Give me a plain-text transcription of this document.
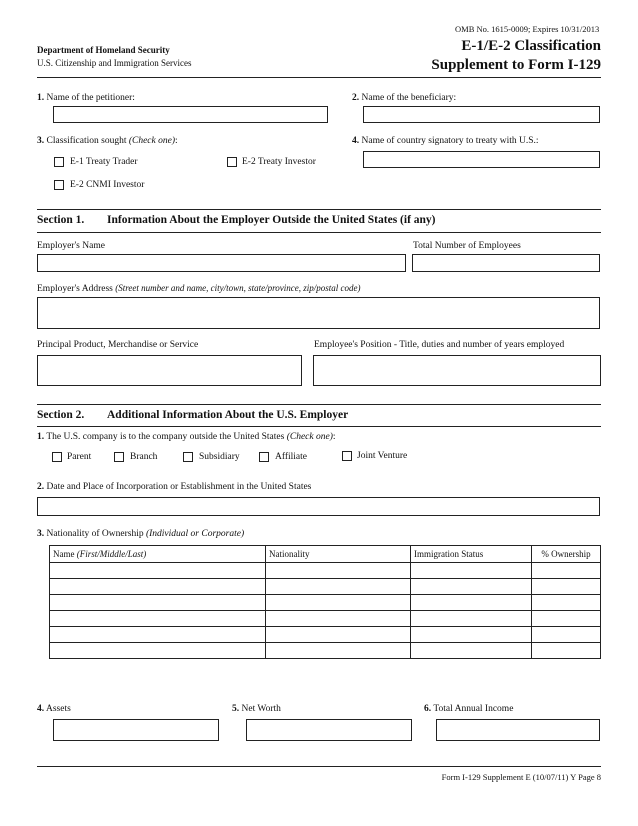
OMB No. 1615-0009; Expires 10/31/2013
Department of Homeland Security
U.S. Citizenship and Immigration Services
E-1/E-2 Classification
Supplement to Form I-129
1. Name of the petitioner:	2. Name of the beneficiary:
3. Classification sought (Check one):	4. Name of country signatory to treaty with U.S.:
E-1 Treaty Trader	E-2 Treaty Investor
E-2 CNMI Investor
Section 1. Information About the Employer Outside the United States (if any)
Employer's Name	Total Number of Employees
Employer's Address (Street number and name, city/town, state/province, zip/postal code)
Principal Product, Merchandise or Service	Employee's Position - Title, duties and number of years employed
Section 2. Additional Information About the U.S. Employer
1. The U.S. company is to the company outside the United States (Check one):
Parent	Branch	Subsidiary	Affiliate	Joint Venture
2. Date and Place of Incorporation or Establishment in the United States
3. Nationality of Ownership (Individual or Corporate)
Name (First/Middle/Last)	Nationality	Immigration Status	% Ownership

4. Assets	5. Net Worth	6. Total Annual Income
Form I-129 Supplement E (10/07/11) Y Page 8
